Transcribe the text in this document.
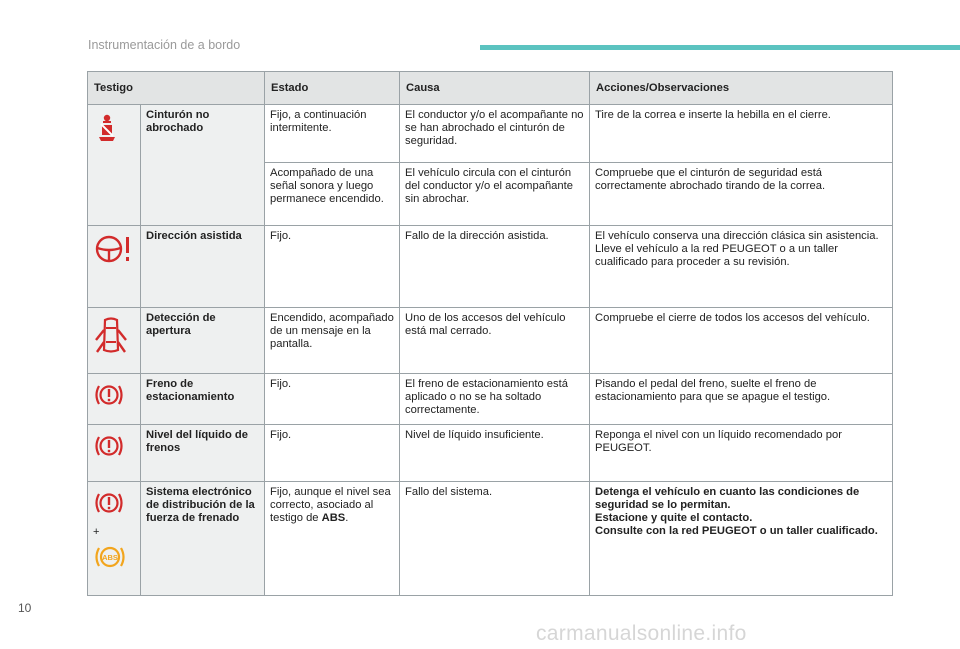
Instrumentación de a bordo
Testigo		Estado	Causa	Acciones/Observaciones
	Cinturón no abrochado	Fijo, a continuación intermitente.	El conductor y/o el acompañante no se han abrochado el cinturón de seguridad.	Tire de la correa e inserte la hebilla en el cierre.
		Acompañado de una señal sonora y luego permanece encendido.	El vehículo circula con el cinturón del conductor y/o el acompañante sin abrochar.	Compruebe que el cinturón de seguridad está correctamente abrochado tirando de la correa.
	Dirección asistida	Fijo.	Fallo de la dirección asistida.	El vehículo conserva una dirección clásica sin asistencia.
Lleve el vehículo a la red PEUGEOT o a un taller cualificado para proceder a su revisión.
	Detección de apertura	Encendido, acompañado de un mensaje en la pantalla.	Uno de los accesos del vehículo está mal cerrado.	Compruebe el cierre de todos los accesos del vehículo.
	Freno de estacionamiento	Fijo.	El freno de estacionamiento está aplicado o no se ha soltado correctamente.	Pisando el pedal del freno, suelte el freno de estacionamiento para que se apague el testigo.
	Nivel del líquido de frenos	Fijo.	Nivel de líquido insuficiente.	Reponga el nivel con un líquido recomendado por PEUGEOT.

+
ABS	Sistema electrónico de distribución de la fuerza de frenado	Fijo, aunque el nivel sea correcto, asociado al testigo de ABS.	Fallo del sistema.	Detenga el vehículo en cuanto las condiciones de seguridad se lo permitan.
Estacione y quite el contacto.
Consulte con la red PEUGEOT o un taller cualificado.
10
carmanualsonline.info
